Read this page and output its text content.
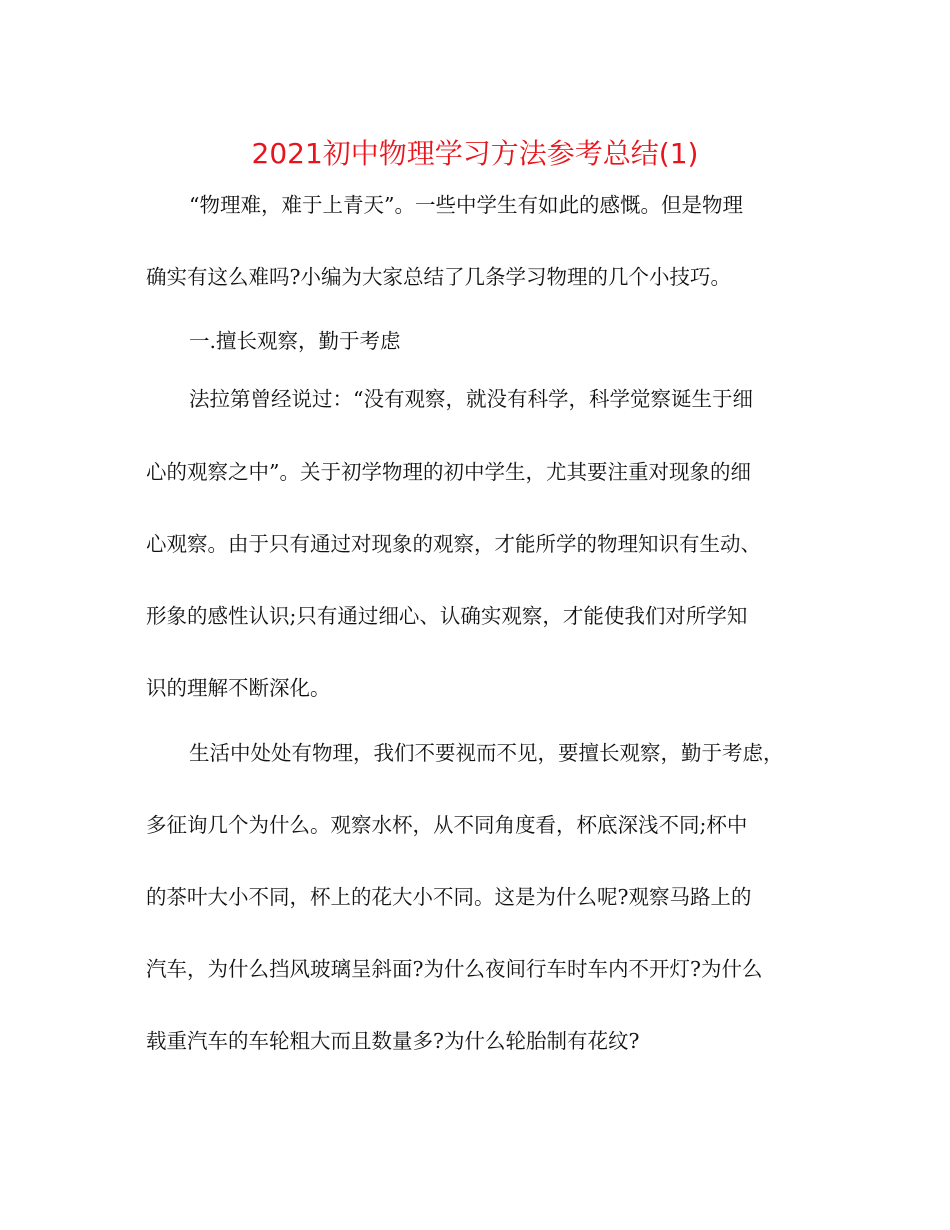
2021初中物理学习方法参考总结(1)
“物理难，难于上青天”。一些中学生有如此的感慨。但是物理
确实有这么难吗?小编为大家总结了几条学习物理的几个小技巧。
一.擅长观察，勤于考虑
法拉第曾经说过：“没有观察，就没有科学，科学觉察诞生于细
心的观察之中”。关于初学物理的初中学生，尤其要注重对现象的细
心观察。由于只有通过对现象的观察，才能所学的物理知识有生动、
形象的感性认识;只有通过细心、认确实观察，才能使我们对所学知
识的理解不断深化。
生活中处处有物理，我们不要视而不见，要擅长观察，勤于考虑，
多征询几个为什么。观察水杯，从不同角度看，杯底深浅不同;杯中
的茶叶大小不同，杯上的花大小不同。这是为什么呢?观察马路上的
汽车，为什么挡风玻璃呈斜面?为什么夜间行车时车内不开灯?为什么
载重汽车的车轮粗大而且数量多?为什么轮胎制有花纹?
